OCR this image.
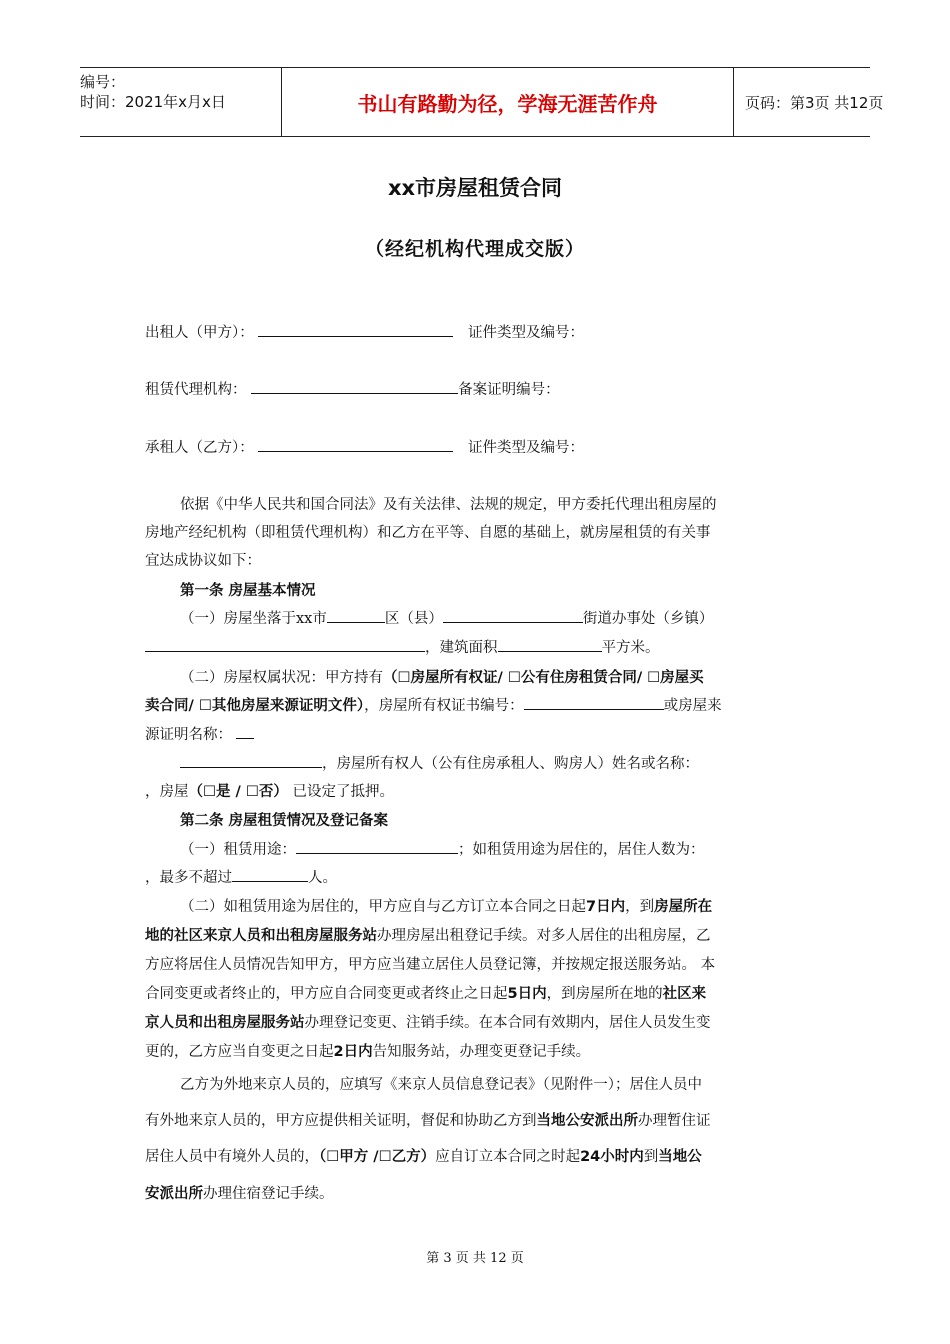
编号：
时间：2021年x月x日	书山有路勤为径，学海无涯苦作舟	页码：第3页 共12页
xx市房屋租赁合同
（经纪机构代理成交版）
出租人（甲方）：	证件类型及编号：
租赁代理机构：	备案证明编号：
承租人（乙方）：	证件类型及编号：
依据《中华人民共和国合同法》及有关法律、法规的规定，甲方委托代理出租房屋的
房地产经纪机构（即租赁代理机构）和乙方在平等、自愿的基础上，就房屋租赁的有关事
宜达成协议如下：
第一条 房屋基本情况
（一）房屋坐落于xx市	区（县）	街道办事处（乡镇）
，建筑面积	平方米。
（二）房屋权属状况：甲方持有（☐房屋所有权证/ ☐公有住房租赁合同/ ☐房屋买
卖合同/ ☐其他房屋来源证明文件），房屋所有权证书编号：	或房屋来
源证明名称：
，房屋所有权人（公有住房承租人、购房人）姓名或名称：
，房屋（☐是 / ☐否） 已设定了抵押。
第二条 房屋租赁情况及登记备案
（一）租赁用途：	；如租赁用途为居住的，居住人数为：
，最多不超过	人。
（二）如租赁用途为居住的，甲方应自与乙方订立本合同之日起7日内，到房屋所在
地的社区来京人员和出租房屋服务站办理房屋出租登记手续。对多人居住的出租房屋，乙
方应将居住人员情况告知甲方，甲方应当建立居住人员登记簿，并按规定报送服务站。 本
合同变更或者终止的，甲方应自合同变更或者终止之日起5日内，到房屋所在地的社区来
京人员和出租房屋服务站办理登记变更、注销手续。在本合同有效期内，居住人员发生变
更的，乙方应当自变更之日起2日内告知服务站，办理变更登记手续。
乙方为外地来京人员的，应填写《来京人员信息登记表》（见附件一）；居住人员中
有外地来京人员的，甲方应提供相关证明，督促和协助乙方到当地公安派出所办理暂住证
居住人员中有境外人员的，（☐甲方 /☐乙方）应自订立本合同之时起24小时内到当地公
安派出所办理住宿登记手续。
第 3 页 共 12 页
